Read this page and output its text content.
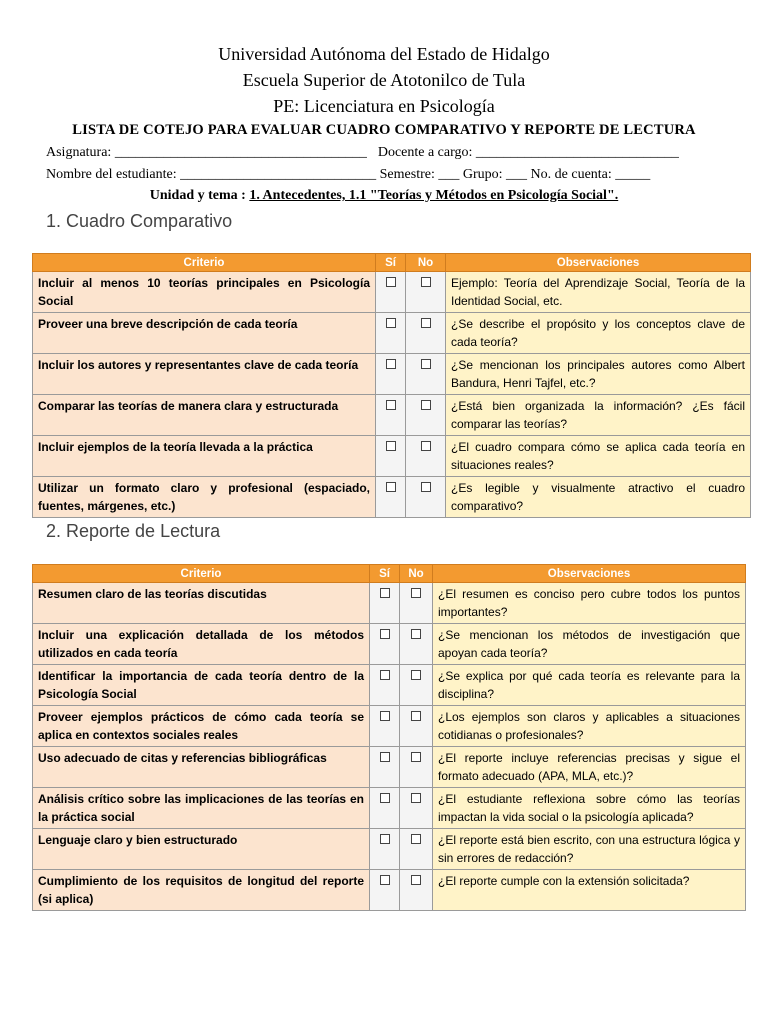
Universidad Autónoma del Estado de Hidalgo
Escuela Superior de Atotonilco de Tula
PE: Licenciatura en Psicología
LISTA DE COTEJO PARA EVALUAR CUADRO COMPARATIVO Y REPORTE DE LECTURA
Asignatura: ____________________________________ Docente a cargo: _____________________________
Nombre del estudiante: ____________________________ Semestre: ___ Grupo: ___ No. de cuenta: _____
Unidad y tema : 1. Antecedentes, 1.1 "Teorías y Métodos en Psicología Social".
1. Cuadro Comparativo
Criterio	Sí	No	Observaciones
Incluir al menos 10 teorías principales en Psicología Social			Ejemplo: Teoría del Aprendizaje Social, Teoría de la Identidad Social, etc.
Proveer una breve descripción de cada teoría			¿Se describe el propósito y los conceptos clave de cada teoría?
Incluir los autores y representantes clave de cada teoría			¿Se mencionan los principales autores como Albert Bandura, Henri Tajfel, etc.?
Comparar las teorías de manera clara y estructurada			¿Está bien organizada la información? ¿Es fácil comparar las teorías?
Incluir ejemplos de la teoría llevada a la práctica			¿El cuadro compara cómo se aplica cada teoría en situaciones reales?
Utilizar un formato claro y profesional (espaciado, fuentes, márgenes, etc.)			¿Es legible y visualmente atractivo el cuadro comparativo?
2. Reporte de Lectura
Criterio	Sí	No	Observaciones
Resumen claro de las teorías discutidas			¿El resumen es conciso pero cubre todos los puntos importantes?
Incluir una explicación detallada de los métodos utilizados en cada teoría			¿Se mencionan los métodos de investigación que apoyan cada teoría?
Identificar la importancia de cada teoría dentro de la Psicología Social			¿Se explica por qué cada teoría es relevante para la disciplina?
Proveer ejemplos prácticos de cómo cada teoría se aplica en contextos sociales reales			¿Los ejemplos son claros y aplicables a situaciones cotidianas o profesionales?
Uso adecuado de citas y referencias bibliográficas			¿El reporte incluye referencias precisas y sigue el formato adecuado (APA, MLA, etc.)?
Análisis crítico sobre las implicaciones de las teorías en la práctica social			¿El estudiante reflexiona sobre cómo las teorías impactan la vida social o la psicología aplicada?
Lenguaje claro y bien estructurado			¿El reporte está bien escrito, con una estructura lógica y sin errores de redacción?
Cumplimiento de los requisitos de longitud del reporte (si aplica)			¿El reporte cumple con la extensión solicitada?
